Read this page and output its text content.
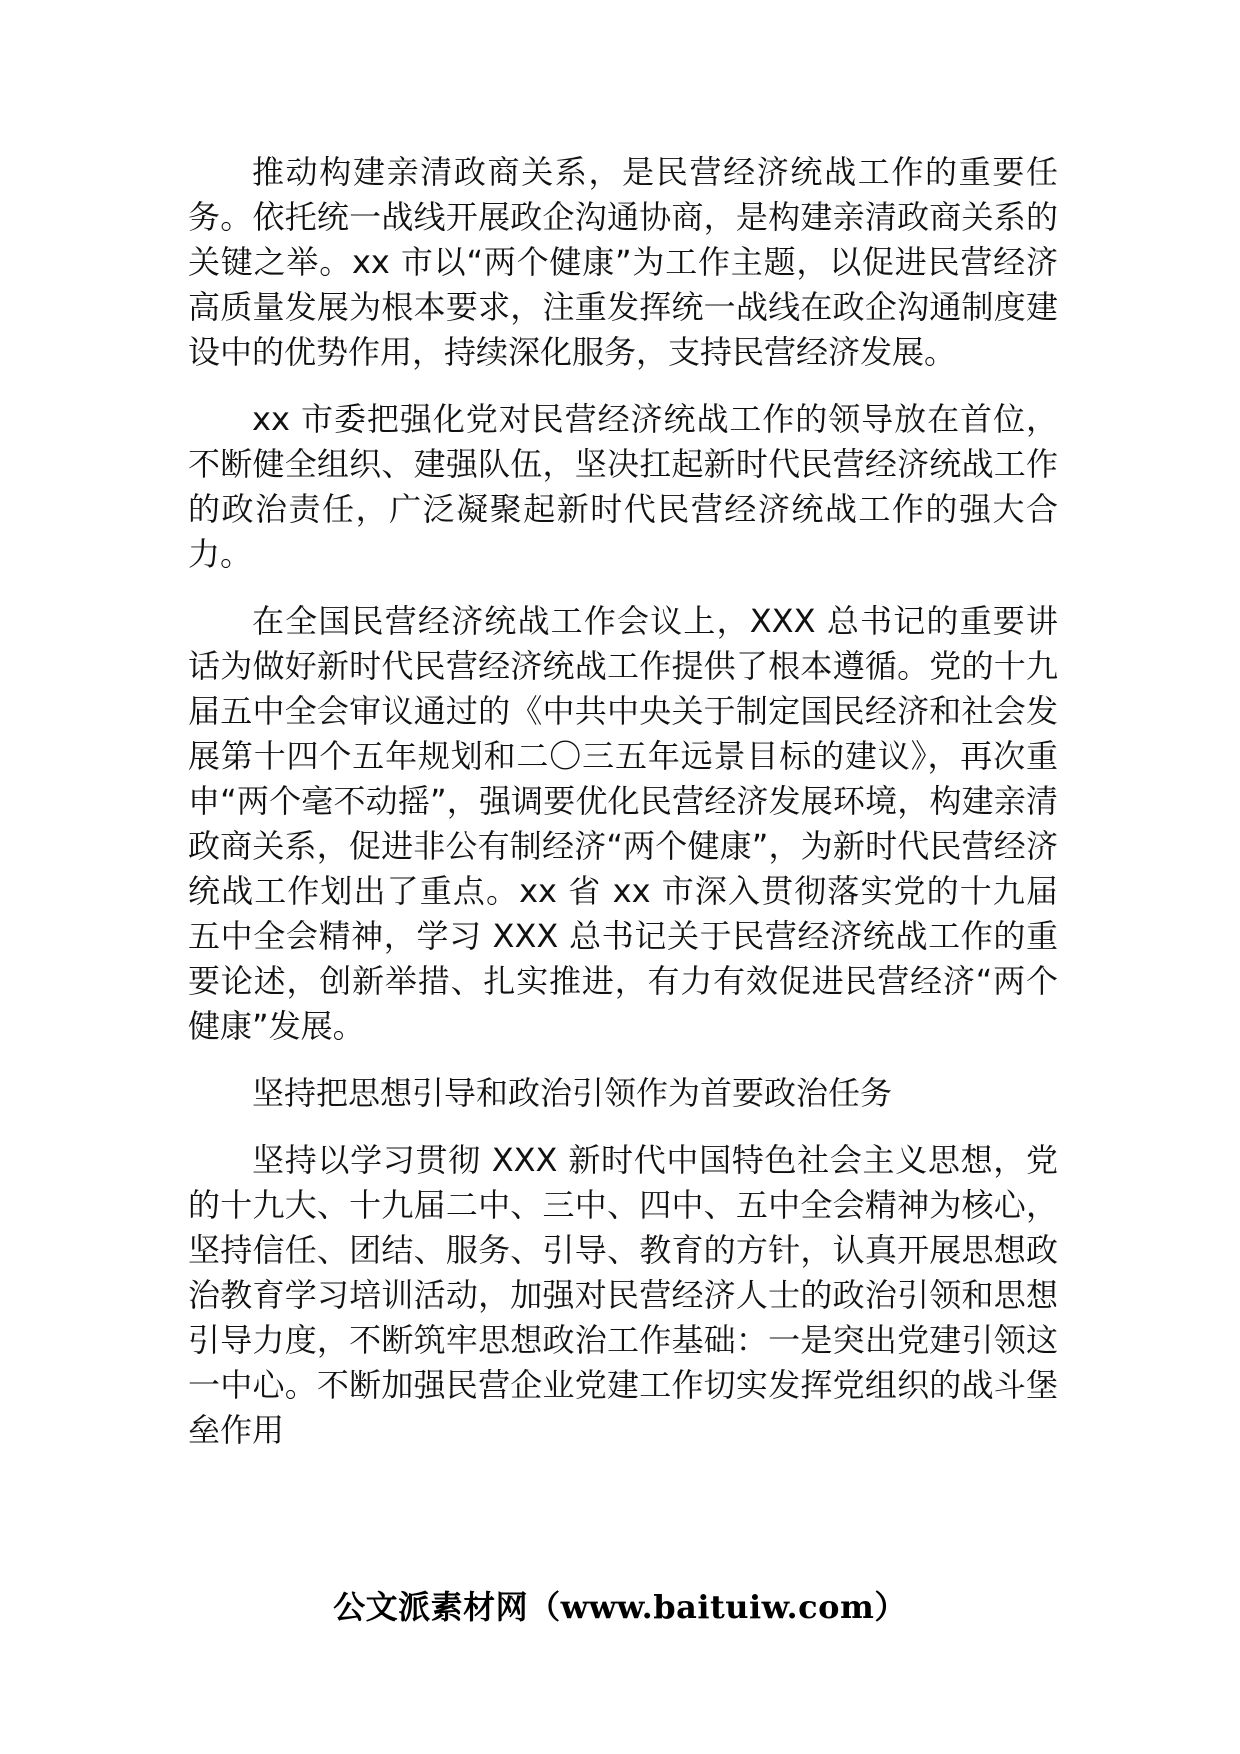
推动构建亲清政商关系，是民营经济统战工作的重要任务。依托统一战线开展政企沟通协商，是构建亲清政商关系的关键之举。xx 市以“两个健康”为工作主题，以促进民营经济高质量发展为根本要求，注重发挥统一战线在政企沟通制度建设中的优势作用，持续深化服务，支持民营经济发展。

xx 市委把强化党对民营经济统战工作的领导放在首位，不断健全组织、建强队伍，坚决扛起新时代民营经济统战工作的政治责任，广泛凝聚起新时代民营经济统战工作的强大合力。

在全国民营经济统战工作会议上，XXX 总书记的重要讲话为做好新时代民营经济统战工作提供了根本遵循。党的十九届五中全会审议通过的《中共中央关于制定国民经济和社会发展第十四个五年规划和二〇三五年远景目标的建议》，再次重申“两个毫不动摇”，强调要优化民营经济发展环境，构建亲清政商关系，促进非公有制经济“两个健康”，为新时代民营经济统战工作划出了重点。xx 省 xx 市深入贯彻落实党的十九届五中全会精神，学习 XXX 总书记关于民营经济统战工作的重要论述，创新举措、扎实推进，有力有效促进民营经济“两个健康”发展。

坚持把思想引导和政治引领作为首要政治任务

坚持以学习贯彻 XXX 新时代中国特色社会主义思想，党的十九大、十九届二中、三中、四中、五中全会精神为核心，坚持信任、团结、服务、引导、教育的方针，认真开展思想政治教育学习培训活动，加强对民营经济人士的政治引领和思想引导力度，不断筑牢思想政治工作基础：一是突出党建引领这一中心。不断加强民营企业党建工作切实发挥党组织的战斗堡垒作用

公文派素材网（www.baituiw.com）
